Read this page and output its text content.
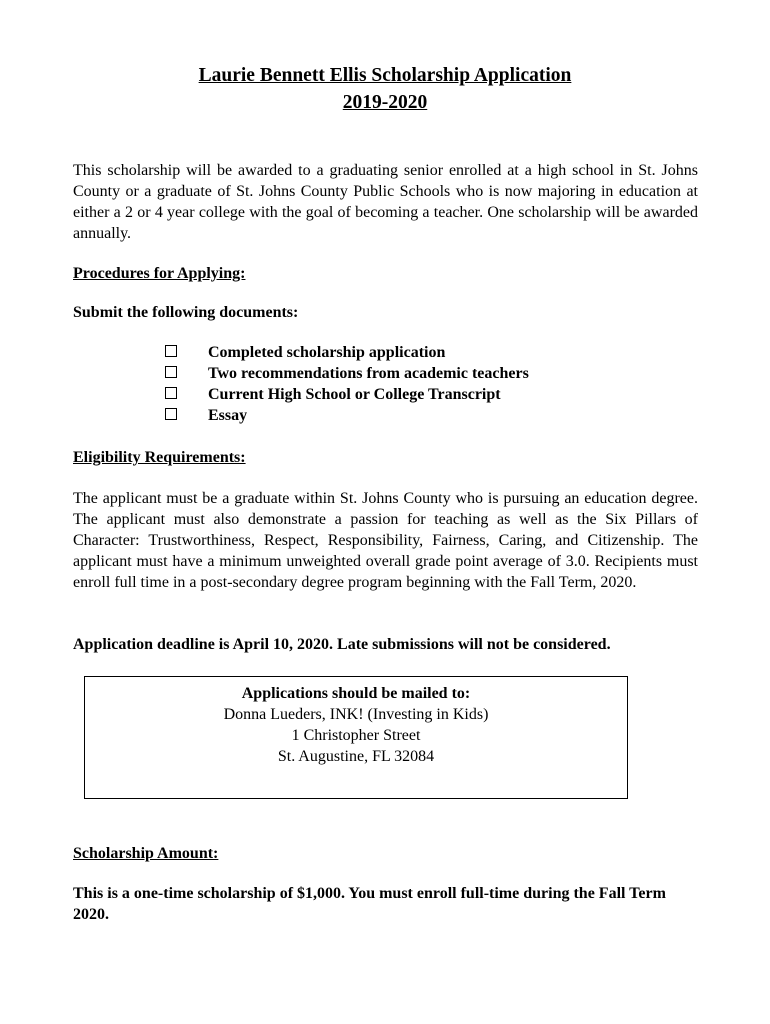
Laurie Bennett Ellis Scholarship Application
2019-2020

This scholarship will be awarded to a graduating senior enrolled at a high school in St. Johns County or a graduate of St. Johns County Public Schools who is now majoring in education at either a 2 or 4 year college with the goal of becoming a teacher. One scholarship will be awarded annually.

Procedures for Applying:

Submit the following documents:

Completed scholarship application
Two recommendations from academic teachers
Current High School or College Transcript
Essay

Eligibility Requirements:

The applicant must be a graduate within St. Johns County who is pursuing an education degree. The applicant must also demonstrate a passion for teaching as well as the Six Pillars of Character: Trustworthiness, Respect, Responsibility, Fairness, Caring, and Citizenship. The applicant must have a minimum unweighted overall grade point average of 3.0. Recipients must enroll full time in a post-secondary degree program beginning with the Fall Term, 2020.

Application deadline is April 10, 2020. Late submissions will not be considered.

Applications should be mailed to:
Donna Lueders, INK! (Investing in Kids)
1 Christopher Street
St. Augustine, FL 32084

Scholarship Amount:

This is a one-time scholarship of $1,000. You must enroll full-time during the Fall Term 2020.
